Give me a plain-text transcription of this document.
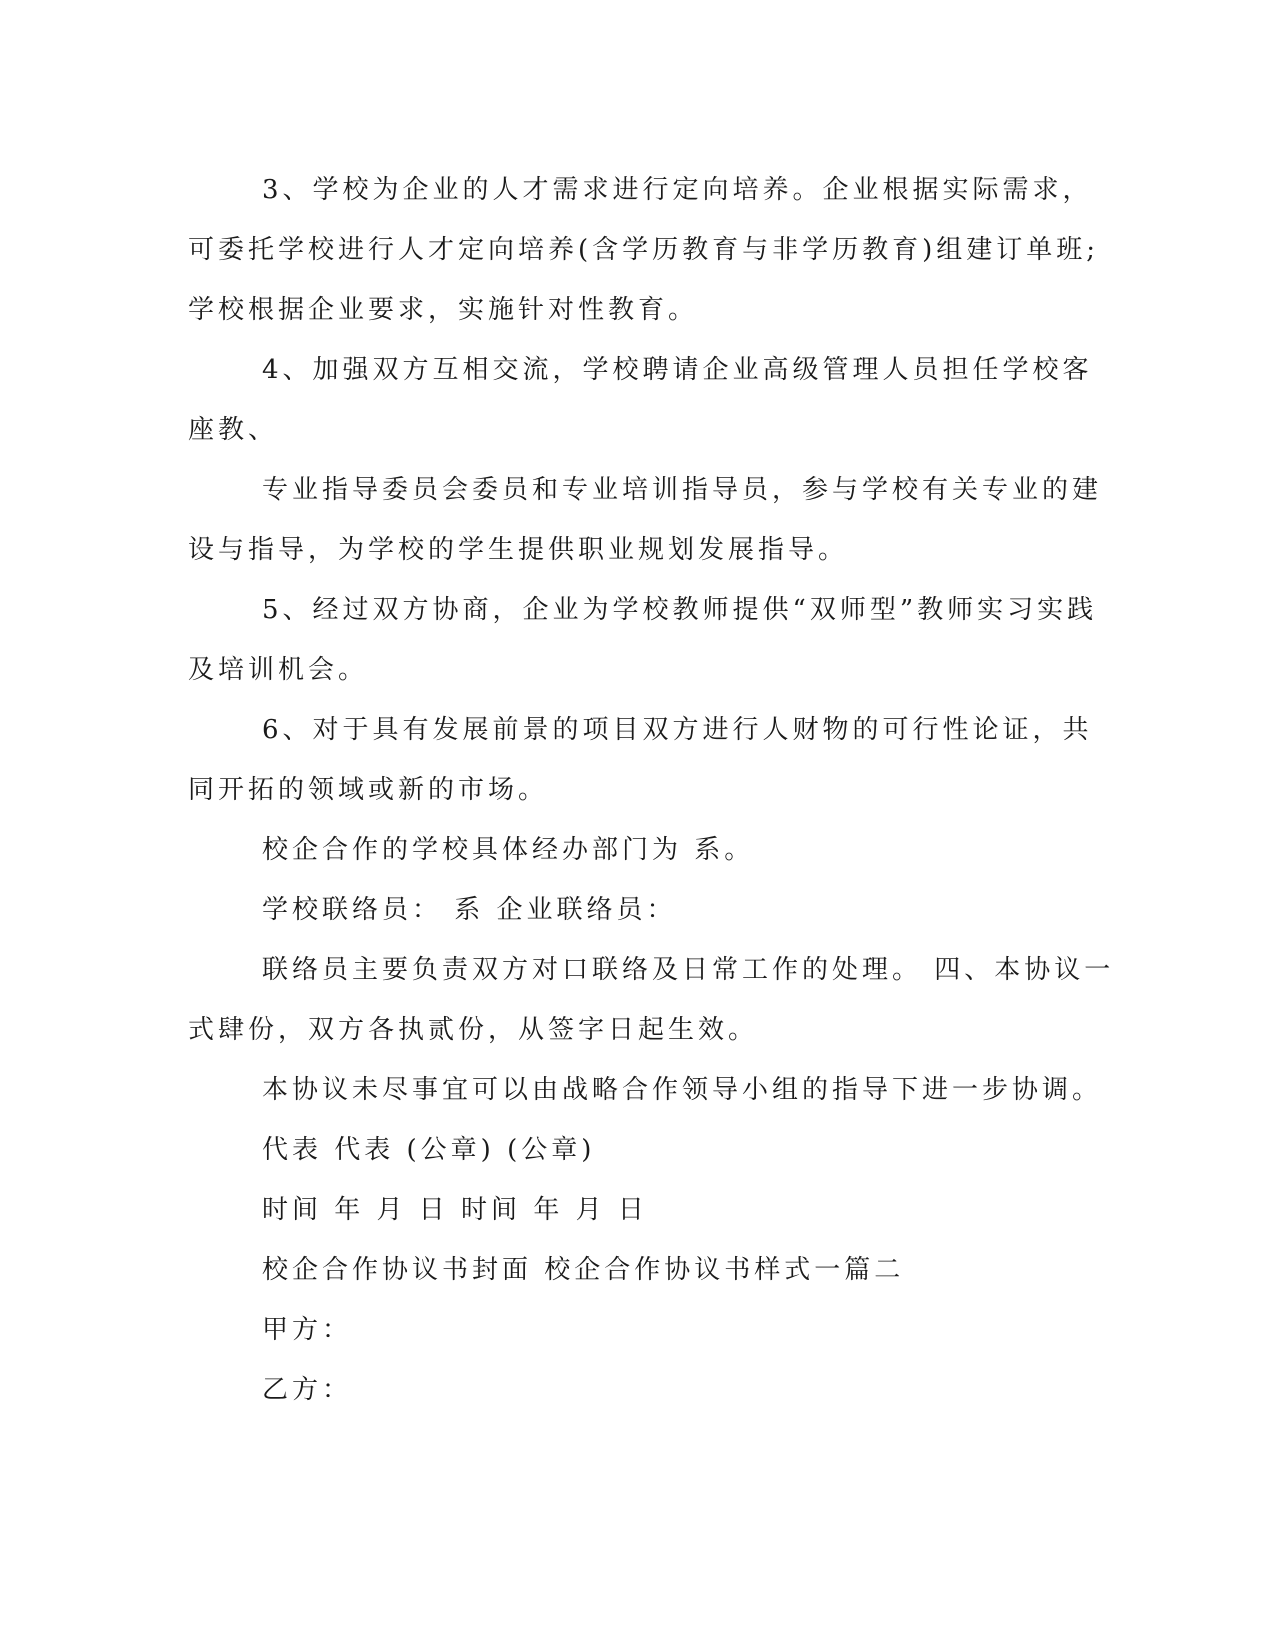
3、学校为企业的人才需求进行定向培养。企业根据实际需求，
可委托学校进行人才定向培养(含学历教育与非学历教育)组建订单班;
学校根据企业要求，实施针对性教育。
4、加强双方互相交流，学校聘请企业高级管理人员担任学校客
座教、
专业指导委员会委员和专业培训指导员，参与学校有关专业的建
设与指导，为学校的学生提供职业规划发展指导。
5、经过双方协商，企业为学校教师提供“双师型”教师实习实践
及培训机会。
6、对于具有发展前景的项目双方进行人财物的可行性论证，共
同开拓的领域或新的市场。
校企合作的学校具体经办部门为 系。
学校联络员： 系 企业联络员：
联络员主要负责双方对口联络及日常工作的处理。 四、本协议一
式肆份，双方各执贰份，从签字日起生效。
本协议未尽事宜可以由战略合作领导小组的指导下进一步协调。
代表 代表 (公章) (公章)
时间 年 月 日 时间 年 月 日
校企合作协议书封面 校企合作协议书样式一篇二
甲方：
乙方：
